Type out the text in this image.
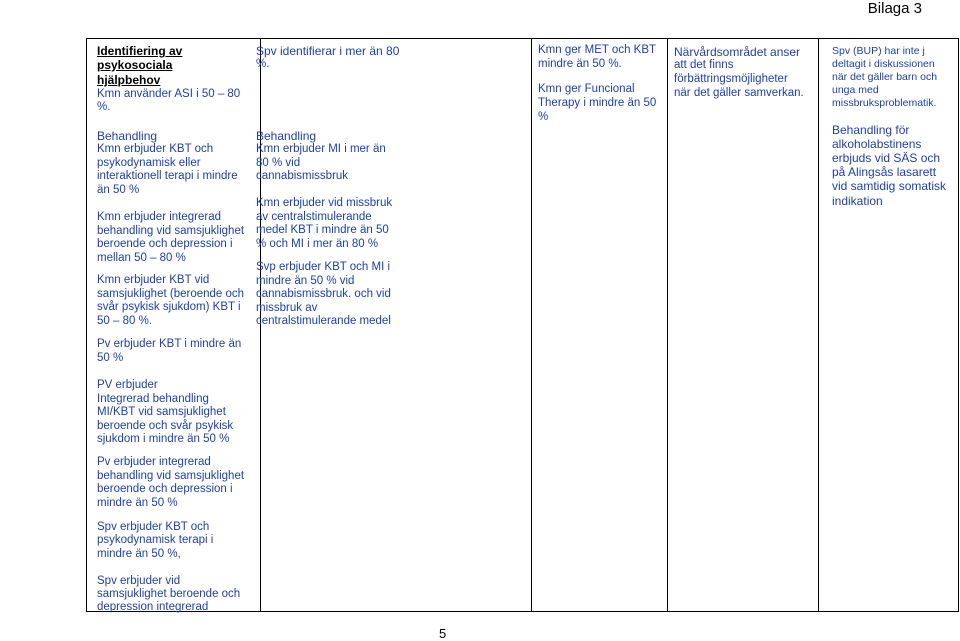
Bilaga 3
Identifiering av
psykosociala
hjälpbehov
Kmn använder ASI i 50 – 80
%.
Behandling
Kmn erbjuder KBT och
psykodynamisk eller
interaktionell terapi i mindre
än 50 %
Kmn erbjuder integrerad
behandling vid samsjuklighet
beroende och depression i
mellan 50 – 80 %
Kmn erbjuder KBT vid
samsjuklighet (beroende och
svår psykisk sjukdom) KBT i
50 – 80 %.
Pv erbjuder KBT i mindre än
50 %
PV erbjuder
Integrerad behandling
MI/KBT vid samsjuklighet
beroende och svår psykisk
sjukdom i mindre än 50 %
Pv erbjuder integrerad
behandling vid samsjuklighet
beroende och depression i
mindre än 50 %
Spv erbjuder KBT och
psykodynamisk terapi i
mindre än 50 %,
Spv erbjuder vid
samsjuklighet beroende och
depression integrerad
Spv identifierar i mer än 80
%.
Behandling
Kmn erbjuder MI i mer än
80 % vid
cannabismissbruk
Kmn erbjuder vid missbruk
av centralstimulerande
medel KBT i mindre än 50
% och MI i mer än 80 %
Svp erbjuder KBT och MI i
mindre än 50 % vid
cannabismissbruk. och vid
missbruk av
centralstimulerande medel
Kmn ger MET och KBT
mindre än 50 %.
Kmn ger Funcional
Therapy i mindre än 50
%
Närvårdsområdet anser
att det finns
förbättringsmöjligheter
när det gäller samverkan.
Spv (BUP) har inte j
deltagit i diskussionen
när det gäller barn och
unga med
missbruksproblematik.
Behandling för
alkoholabstinens
erbjuds vid SÄS och
på Alingsås lasarett
vid samtidig somatisk
indikation
5
